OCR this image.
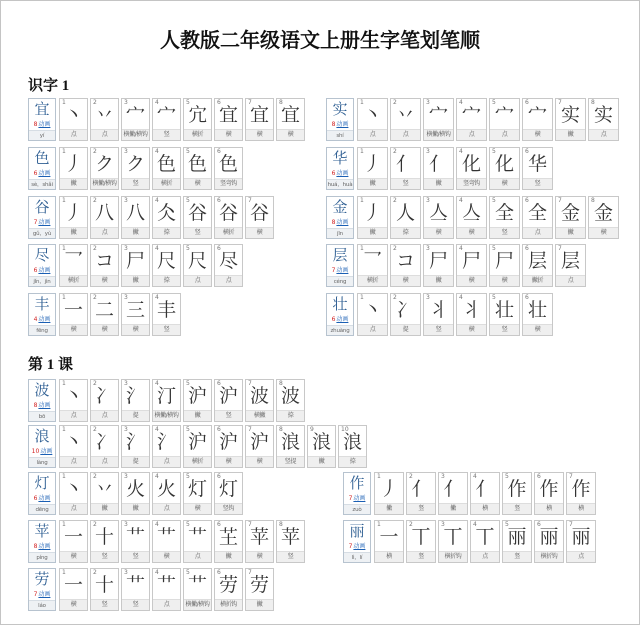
人教版二年级语文上册生字笔划笔顺
识字 1
宜
8动画
yí
1
丶
点
2
丷
点
3
宀
横撇/横钩
4
宀
竖
5
宂
横折
6
宜
横
7
宜
横
8
宜
横
色
6动画
sè，shǎi
1
丿
撇
2
ク
横撇/横钩
3
ク
竖
4
色
横折
5
色
横
6
色
竖弯钩
谷
7动画
gǔ，yù
1
丿
撇
2
八
点
3
八
撇
4
仌
捺
5
谷
竖
6
谷
横折
7
谷
横
尽
6动画
jǐn，jìn
1
乛
横折
2
コ
横
3
尸
撇
4
尺
捺
5
尺
点
6
尽
点
丰
4动画
fēng
1
一
横
2
二
横
3
三
横
4
丰
竖
实
8动画
shí
1
丶
点
2
丷
点
3
宀
横撇/横钩
4
宀
点
5
宀
点
6
宀
横
7
实
撇
8
实
点
华
6动画
huá，huà
1
丿
撇
2
亻
竖
3
亻
撇
4
化
竖弯钩
5
化
横
6
华
竖
金
8动画
jīn
1
丿
撇
2
人
捺
3
亼
横
4
亼
横
5
全
竖
6
全
点
7
金
撇
8
金
横
层
7动画
céng
1
乛
横折
2
コ
横
3
尸
撇
4
尸
横
5
尸
横
6
层
撇折
7
层
点
壮
6动画
zhuàng
1
丶
点
2
冫
提
3
丬
竖
4
丬
横
5
壮
竖
6
壮
横
第 1 课
波
8动画
bō
1
丶
点
2
冫
点
3
氵
提
4
汀
横撇/横钩
5
沪
撇
6
沪
竖
7
波
横撇
8
波
捺
浪
10动画
làng
1
丶
点
2
冫
点
3
氵
提
4
氵
点
5
沪
横折
6
沪
横
7
沪
横
8
浪
竖提
9
浪
撇
10
浪
捺
灯
6动画
dēng
1
丶
点
2
丷
撇
3
火
撇
4
火
点
5
灯
横
6
灯
竖钩
苹
8动画
píng
1
一
横
2
十
竖
3
艹
竖
4
艹
横
5
艹
点
6
芏
撇
7
苹
横
8
苹
竖
劳
7动画
láo
1
一
横
2
十
竖
3
艹
竖
4
艹
点
5
艹
横撇/横钩
6
劳
横折钩
7
劳
撇
作
7动画
zuò
1
丿
撇
2
亻
竖
3
亻
撇
4
亻
横
5
作
竖
6
作
横
7
作
横
丽
7动画
lì，lí
1
一
横
2
丅
竖
3
丅
横折钩
4
丅
点
5
丽
竖
6
丽
横折钩
7
丽
点
